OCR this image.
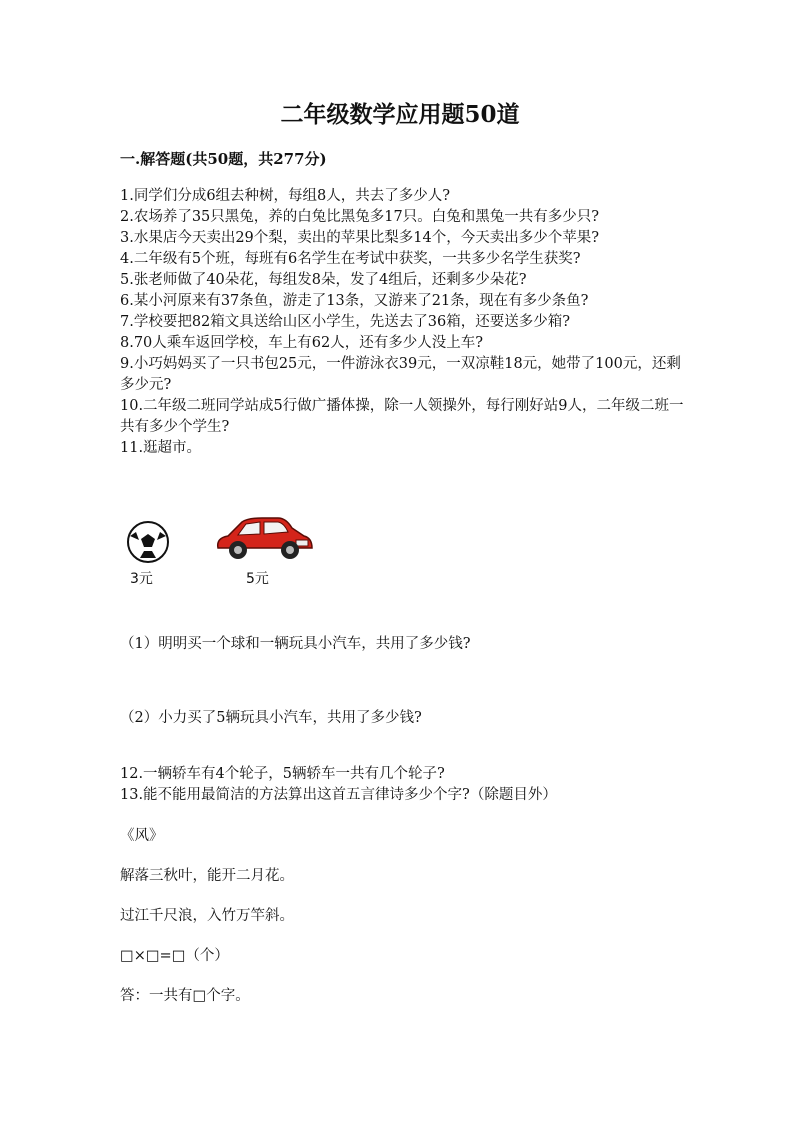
二年级数学应用题50道

一.解答题(共50题，共277分)

1.同学们分成6组去种树，每组8人，共去了多少人?

2.农场养了35只黑兔，养的白兔比黑兔多17只。白兔和黑兔一共有多少只?

3.水果店今天卖出29个梨，卖出的苹果比梨多14个，今天卖出多少个苹果?

4.二年级有5个班，每班有6名学生在考试中获奖，一共多少名学生获奖?

5.张老师做了40朵花，每组发8朵，发了4组后，还剩多少朵花?

6.某小河原来有37条鱼，游走了13条，又游来了21条，现在有多少条鱼?

7.学校要把82箱文具送给山区小学生，先送去了36箱，还要送多少箱?

8.70人乘车返回学校，车上有62人，还有多少人没上车?

9.小巧妈妈买了一只书包25元，一件游泳衣39元，一双凉鞋18元，她带了100元，还剩多少元?

10.二年级二班同学站成5行做广播体操，除一人领操外，每行刚好站9人，二年级二班一共有多少个学生?

11.逛超市。

3元	5元

（1）明明买一个球和一辆玩具小汽车，共用了多少钱?

（2）小力买了5辆玩具小汽车，共用了多少钱?

12.一辆轿车有4个轮子，5辆轿车一共有几个轮子?

13.能不能用最简洁的方法算出这首五言律诗多少个字?（除题目外）

《风》

解落三秋叶，能开二月花。

过江千尺浪，入竹万竿斜。

□×□=□（个）

答：一共有□个字。
